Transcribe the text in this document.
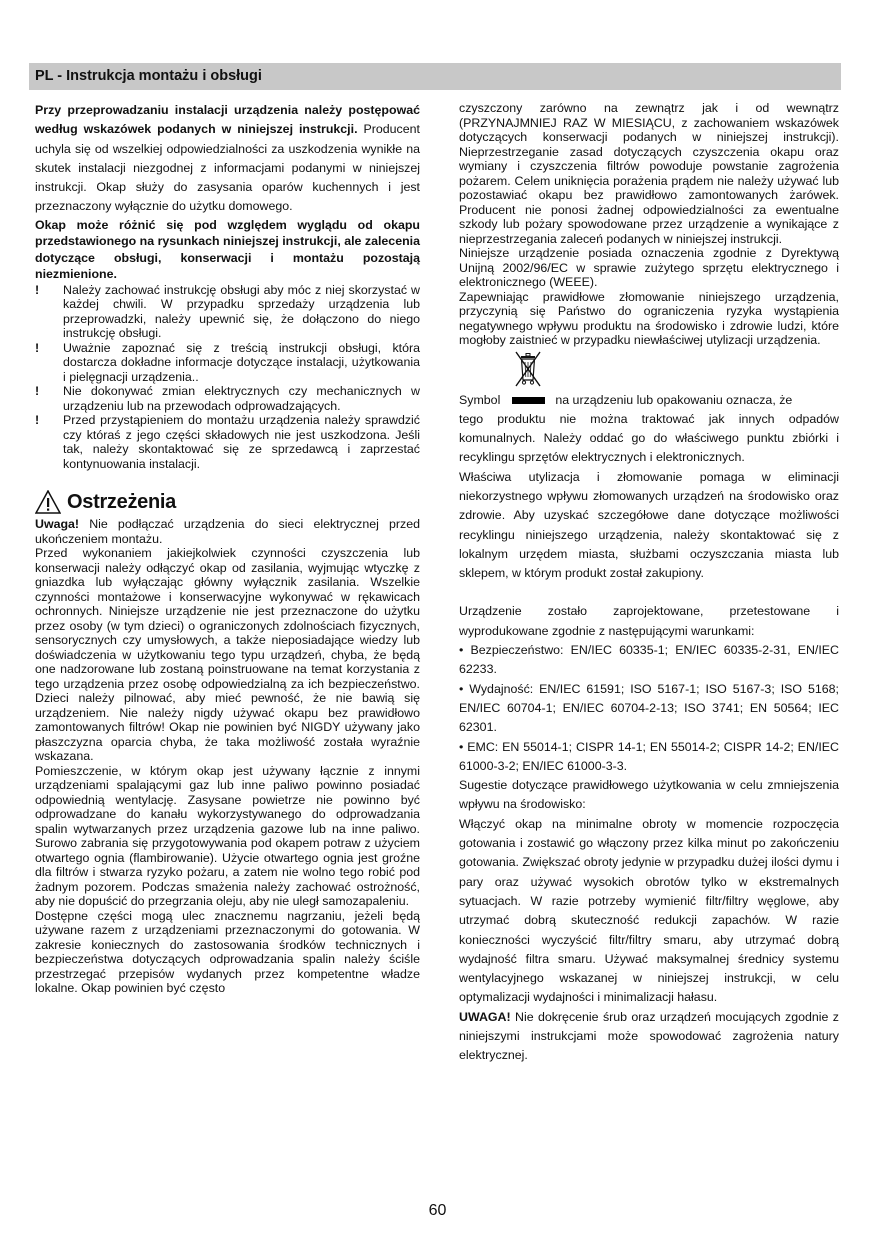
PL - Instrukcja montażu i obsługi

Przy przeprowadzaniu instalacji urządzenia należy postępować według wskazówek podanych w niniejszej instrukcji. Producent uchyla się od wszelkiej odpowiedzialności za uszkodzenia wynikłe na skutek instalacji niezgodnej z informacjami podanymi w niniejszej instrukcji. Okap służy do zasysania oparów kuchennych i jest przeznaczony wyłącznie do użytku domowego.

Okap może różnić się pod względem wyglądu od okapu przedstawionego na rysunkach niniejszej instrukcji, ale zalecenia dotyczące obsługi, konserwacji i montażu pozostają niezmienione.

!	Należy zachować instrukcję obsługi aby móc z niej skorzystać w każdej chwili. W przypadku sprzedaży urządzenia lub przeprowadzki, należy upewnić się, że dołączono do niego instrukcję obsługi.
!	Uważnie zapoznać się z treścią instrukcji obsługi, która dostarcza dokładne informacje dotyczące instalacji, użytkowania i pielęgnacji urządzenia..
!	Nie dokonywać zmian elektrycznych czy mechanicznych w urządzeniu lub na przewodach odprowadzających.
!	Przed przystąpieniem do montażu urządzenia należy sprawdzić czy któraś z jego części składowych nie jest uszkodzona. Jeśli tak, należy skontaktować się ze sprzedawcą i zaprzestać kontynuowania instalacji.
Ostrzeżenia

Uwaga! Nie podłączać urządzenia do sieci elektrycznej przed ukończeniem montażu.

Przed wykonaniem jakiejkolwiek czynności czyszczenia lub konserwacji należy odłączyć okap od zasilania, wyjmując wtyczkę z gniazdka lub wyłączając główny wyłącznik zasilania. Wszelkie czynności montażowe i konserwacyjne wykonywać w rękawicach ochronnych. Niniejsze urządzenie nie jest przeznaczone do użytku przez osoby (w tym dzieci) o ograniczonych zdolnościach fizycznych, sensorycznych czy umysłowych, a także nieposiadające wiedzy lub doświadczenia w użytkowaniu tego typu urządzeń, chyba, że będą one nadzorowane lub zostaną poinstruowane na temat korzystania z tego urządzenia przez osobę odpowiedzialną za ich bezpieczeństwo. Dzieci należy pilnować, aby mieć pewność, że nie bawią się urządzeniem. Nie należy nigdy używać okapu bez prawidłowo zamontowanych filtrów! Okap nie powinien być NIGDY używany jako płaszczyzna oparcia chyba, że taka możliwość została wyraźnie wskazana.

Pomieszczenie, w którym okap jest używany łącznie z innymi urządzeniami spalającymi gaz lub inne paliwo powinno posiadać odpowiednią wentylację. Zasysane powietrze nie powinno być odprowadzane do kanału wykorzystywanego do odprowadzania spalin wytwarzanych przez urządzenia gazowe lub na inne paliwo. Surowo zabrania się przygotowywania pod okapem potraw z użyciem otwartego ognia (flambirowanie). Użycie otwartego ognia jest groźne dla filtrów i stwarza ryzyko pożaru, a zatem nie wolno tego robić pod żadnym pozorem. Podczas smażenia należy zachować ostrożność, aby nie dopuścić do przegrzania oleju, aby nie uległ samozapaleniu.

Dostępne części mogą ulec znacznemu nagrzaniu, jeżeli będą używane razem z urządzeniami przeznaczonymi do gotowania. W zakresie koniecznych do zastosowania środków technicznych i bezpieczeństwa dotyczących odprowadzania spalin należy ściśle przestrzegać przepisów wydanych przez kompetentne władze lokalne. Okap powinien być często

czyszczony zarówno na zewnątrz jak i od wewnątrz (PRZYNAJMNIEJ RAZ W MIESIĄCU, z zachowaniem wskazówek dotyczących konserwacji podanych w niniejszej instrukcji). Nieprzestrzeganie zasad dotyczących czyszczenia okapu oraz wymiany i czyszczenia filtrów powoduje powstanie zagrożenia pożarem. Celem uniknięcia porażenia prądem nie należy używać lub pozostawiać okapu bez prawidłowo zamontowanych żarówek. Producent nie ponosi żadnej odpowiedzialności za ewentualne szkody lub pożary spowodowane przez urządzenie a wynikające z nieprzestrzegania zaleceń podanych w niniejszej instrukcji.

Niniejsze urządzenie posiada oznaczenia zgodnie z Dyrektywą Unijną 2002/96/EC w sprawie zużytego sprzętu elektrycznego i elektronicznego (WEEE).

Zapewniając prawidłowe złomowanie niniejszego urządzenia, przyczynią się Państwo do ograniczenia ryzyka wystąpienia negatywnego wpływu produktu na środowisko i zdrowie ludzi, które mogłoby zaistnieć w przypadku niewłaściwej utylizacji urządzenia.

Symbol	na urządzeniu lub opakowaniu oznacza, że

tego produktu nie można traktować jak innych odpadów komunalnych. Należy oddać go do właściwego punktu zbiórki i recyklingu sprzętów elektrycznych i elektronicznych.

Właściwa utylizacja i złomowanie pomaga w eliminacji niekorzystnego wpływu złomowanych urządzeń na środowisko oraz zdrowie. Aby uzyskać szczegółowe dane dotyczące możliwości recyklingu niniejszego urządzenia, należy skontaktować się z lokalnym urzędem miasta, służbami oczyszczania miasta lub sklepem, w którym produkt został zakupiony.

Urządzenie zostało zaprojektowane, przetestowane i wyprodukowane zgodnie z następującymi warunkami:

• Bezpieczeństwo: EN/IEC 60335-1; EN/IEC 60335-2-31, EN/IEC 62233.

• Wydajność: EN/IEC 61591; ISO 5167-1; ISO 5167-3; ISO 5168; EN/IEC 60704-1; EN/IEC 60704-2-13; ISO 3741; EN 50564; IEC 62301.

• EMC: EN 55014-1; CISPR 14-1; EN 55014-2; CISPR 14-2; EN/IEC 61000-3-2; EN/IEC 61000-3-3.

Sugestie dotyczące prawidłowego użytkowania w celu zmniejszenia wpływu na środowisko:

Włączyć okap na minimalne obroty w momencie rozpoczęcia gotowania i zostawić go włączony przez kilka minut po zakończeniu gotowania. Zwiększać obroty jedynie w przypadku dużej ilości dymu i pary oraz używać wysokich obrotów tylko w ekstremalnych sytuacjach. W razie potrzeby wymienić filtr/filtry węglowe, aby utrzymać dobrą skuteczność redukcji zapachów. W razie konieczności wyczyścić filtr/filtry smaru, aby utrzymać dobrą wydajność filtra smaru. Używać maksymalnej średnicy systemu wentylacyjnego wskazanej w niniejszej instrukcji, w celu optymalizacji wydajności i minimalizacji hałasu.

UWAGA! Nie dokręcenie śrub oraz urządzeń mocujących zgodnie z niniejszymi instrukcjami może spowodować zagrożenia natury elektrycznej.

60
